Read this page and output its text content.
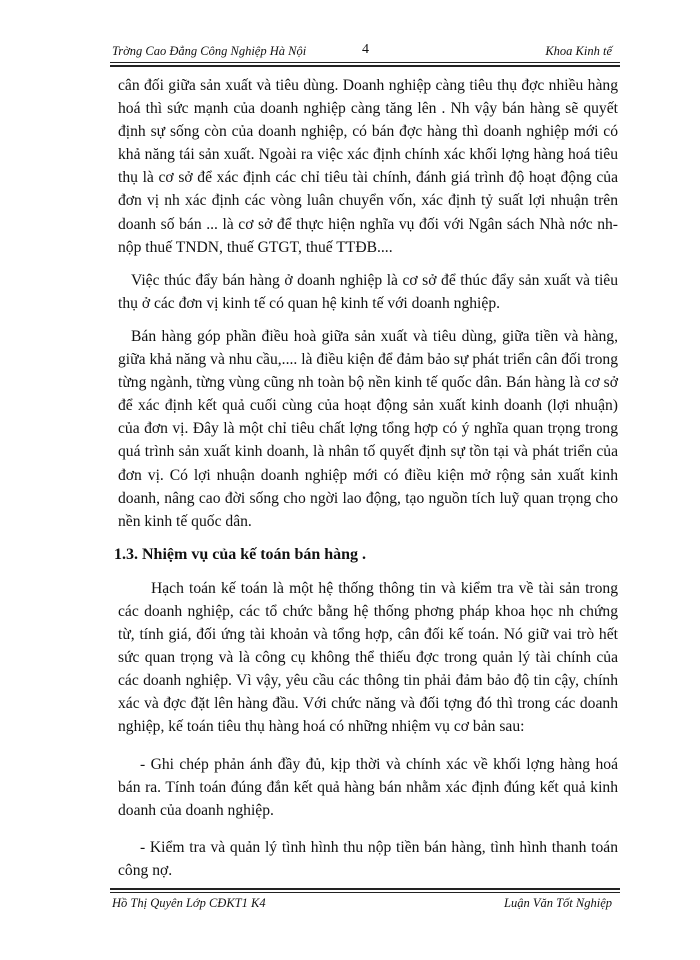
Trờng Cao Đẳng Công Nghiệp Hà Nội	4	Khoa Kinh tế

cân đối giữa sản xuất và tiêu dùng. Doanh nghiệp càng tiêu thụ đợc nhiều hàng hoá thì sức mạnh của doanh nghiệp càng tăng lên . Nh vậy bán hàng sẽ quyết định sự sống còn của doanh nghiệp, có bán đợc hàng thì doanh nghiệp mới có khả năng tái sản xuất. Ngoài ra việc xác định chính xác khối lợng hàng hoá tiêu thụ là cơ sở để xác định các chỉ tiêu tài chính, đánh giá trình độ hoạt động của đơn vị nh xác định các vòng luân chuyển vốn, xác định tỷ suất lợi nhuận trên doanh số bán ... là cơ sở để thực hiện nghĩa vụ đối với Ngân sách Nhà nớc nh nộp thuế TNDN, thuế GTGT, thuế TTĐB....

Việc thúc đẩy bán hàng ở doanh nghiệp là cơ sở để thúc đẩy sản xuất và tiêu thụ ở các đơn vị kinh tế có quan hệ kinh tế với doanh nghiệp.

Bán hàng góp phần điều hoà giữa sản xuất và tiêu dùng, giữa tiền và hàng, giữa khả năng và nhu cầu,.... là điều kiện để đảm bảo sự phát triển cân đối trong từng ngành, từng vùng cũng nh toàn bộ nền kinh tế quốc dân. Bán hàng là cơ sở để xác định kết quả cuối cùng của hoạt động sản xuất kinh doanh (lợi nhuận) của đơn vị. Đây là một chỉ tiêu chất lợng tổng hợp có ý nghĩa quan trọng trong quá trình sản xuất kinh doanh, là nhân tố quyết định sự tồn tại và phát triển của đơn vị. Có lợi nhuận doanh nghiệp mới có điều kiện mở rộng sản xuất kinh doanh, nâng cao đời sống cho ngời lao động, tạo nguồn tích luỹ quan trọng cho nền kinh tế quốc dân.

1.3. Nhiệm vụ của kế toán bán hàng .

Hạch toán kế toán là một hệ thống thông tin và kiểm tra về tài sản trong các doanh nghiệp, các tổ chức bằng hệ thống phơng pháp khoa học nh chứng từ, tính giá, đối ứng tài khoản và tổng hợp, cân đối kế toán. Nó giữ vai trò hết sức quan trọng và là công cụ không thể thiếu đợc trong quản lý tài chính của các doanh nghiệp. Vì vậy, yêu cầu các thông tin phải đảm bảo độ tin cậy, chính xác và đợc đặt lên hàng đầu. Với chức năng và đối tợng đó thì trong các doanh nghiệp, kế toán tiêu thụ hàng hoá có những nhiệm vụ cơ bản sau:

- Ghi chép phản ánh đầy đủ, kịp thời và chính xác về khối lợng hàng hoá bán ra. Tính toán đúng đắn kết quả hàng bán nhằm xác định đúng kết quả kinh doanh của doanh nghiệp.

- Kiểm tra và quản lý tình hình thu nộp tiền bán hàng, tình hình thanh toán công nợ.

Hồ Thị Quyên Lớp CĐKT1 K4	Luận Văn Tốt Nghiệp
